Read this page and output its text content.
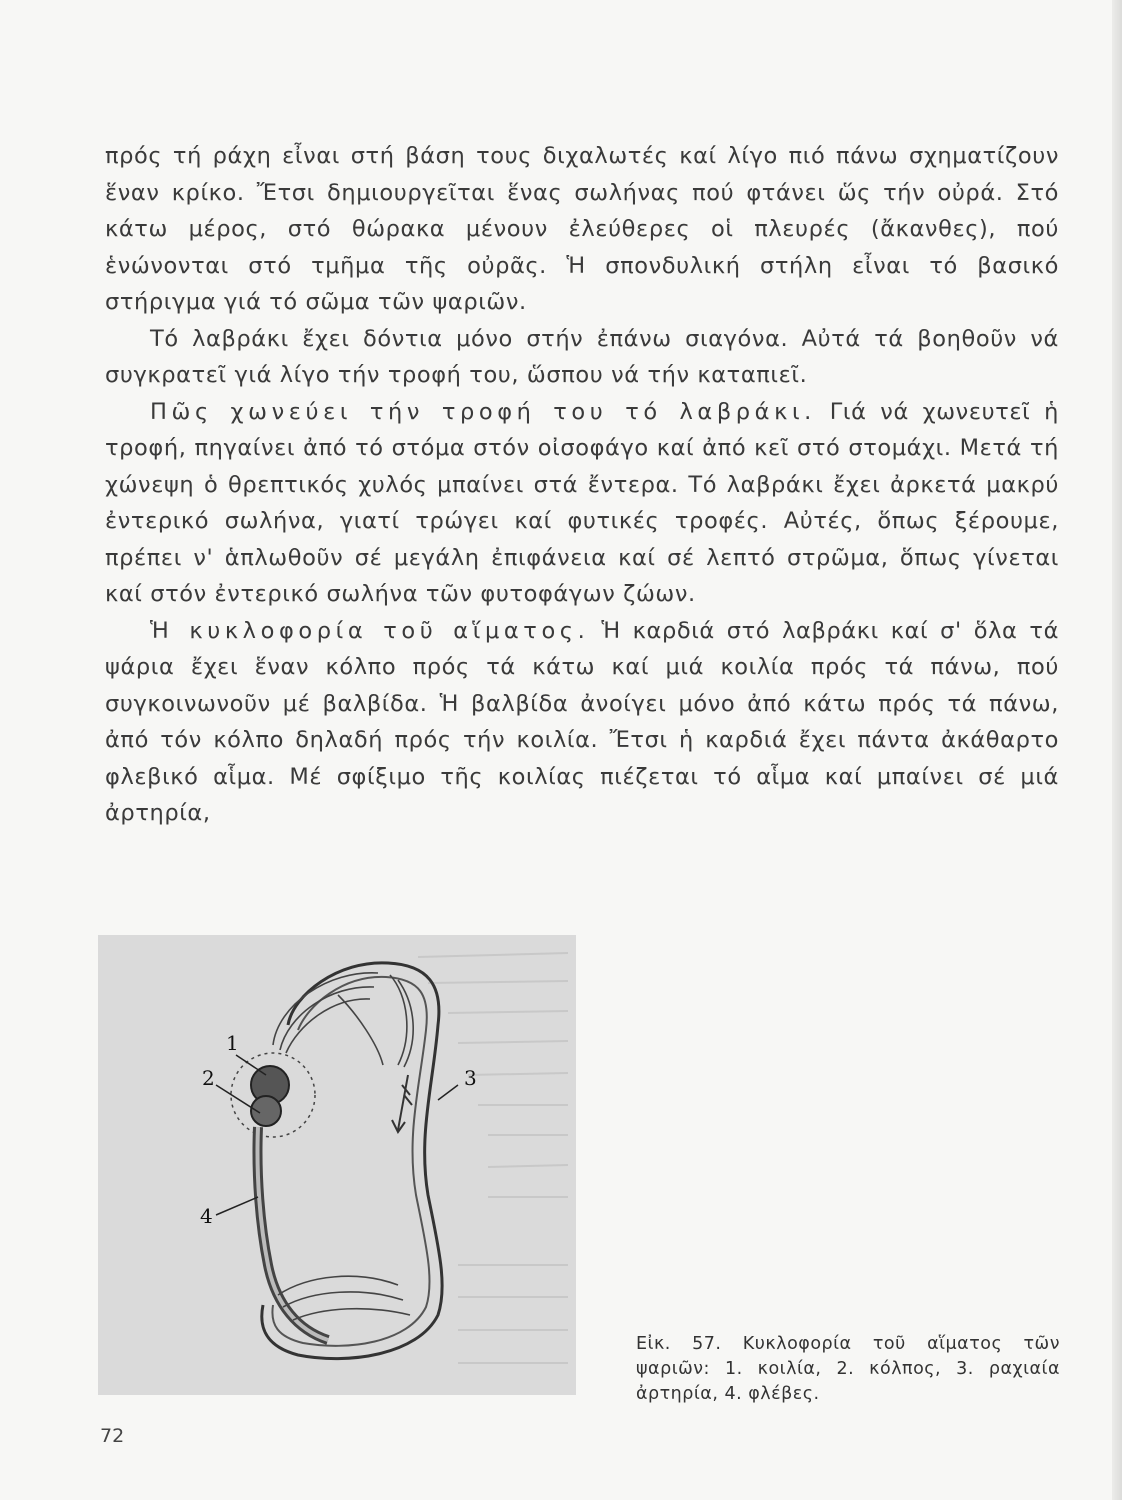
πρός τή ράχη εἶναι στή βάση τους διχαλωτές καί λίγο πιό πάνω σχηματίζουν ἕναν κρίκο. Ἔτσι δημιουργεῖται ἕνας σωλήνας πού φτάνει ὥς τήν οὐρά. Στό κάτω μέρος, στό θώρακα μένουν ἐλεύθερες οἱ πλευρές (ἄκανθες), πού ἑνώνονται στό τμῆμα τῆς οὐρᾶς. Ἡ σπονδυλική στήλη εἶναι τό βασικό στήριγμα γιά τό σῶμα τῶν ψαριῶν.

Τό λαβράκι ἔχει δόντια μόνο στήν ἐπάνω σιαγόνα. Αὐτά τά βοηθοῦν νά συγκρατεῖ γιά λίγο τήν τροφή του, ὥσπου νά τήν καταπιεῖ.

Πῶς χωνεύει τήν τροφή του τό λαβράκι. Γιά νά χωνευτεῖ ἡ τροφή, πηγαίνει ἀπό τό στόμα στόν οἰσοφάγο καί ἀπό κεῖ στό στομάχι. Μετά τή χώνεψη ὁ θρεπτικός χυλός μπαίνει στά ἔντερα. Τό λαβράκι ἔχει ἀρκετά μακρύ ἐντερικό σωλήνα, γιατί τρώγει καί φυτικές τροφές. Αὐτές, ὅπως ξέρουμε, πρέπει ν' ἁπλωθοῦν σέ μεγάλη ἐπιφάνεια καί σέ λεπτό στρῶμα, ὅπως γίνεται καί στόν ἐντερικό σωλήνα τῶν φυτοφάγων ζώων.

Ἡ κυκλοφορία τοῦ αἵματος. Ἡ καρδιά στό λαβράκι καί σ' ὅλα τά ψάρια ἔχει ἕναν κόλπο πρός τά κάτω καί μιά κοιλία πρός τά πάνω, πού συγκοινωνοῦν μέ βαλβίδα. Ἡ βαλβίδα ἀνοίγει μόνο ἀπό κάτω πρός τά πάνω, ἀπό τόν κόλπο δηλαδή πρός τήν κοιλία. Ἔτσι ἡ καρδιά ἔχει πάντα ἀκάθαρτο φλεβικό αἷμα. Μέ σφίξιμο τῆς κοιλίας πιέζεται τό αἷμα καί μπαίνει σέ μιά ἀρτηρία,

1
2	3
4
Εἰκ. 57. Κυκλοφορία τοῦ αἵματος τῶν ψαριῶν: 1. κοιλία, 2. κόλπος, 3. ραχιαία ἀρτηρία, 4. φλέβες.
72
